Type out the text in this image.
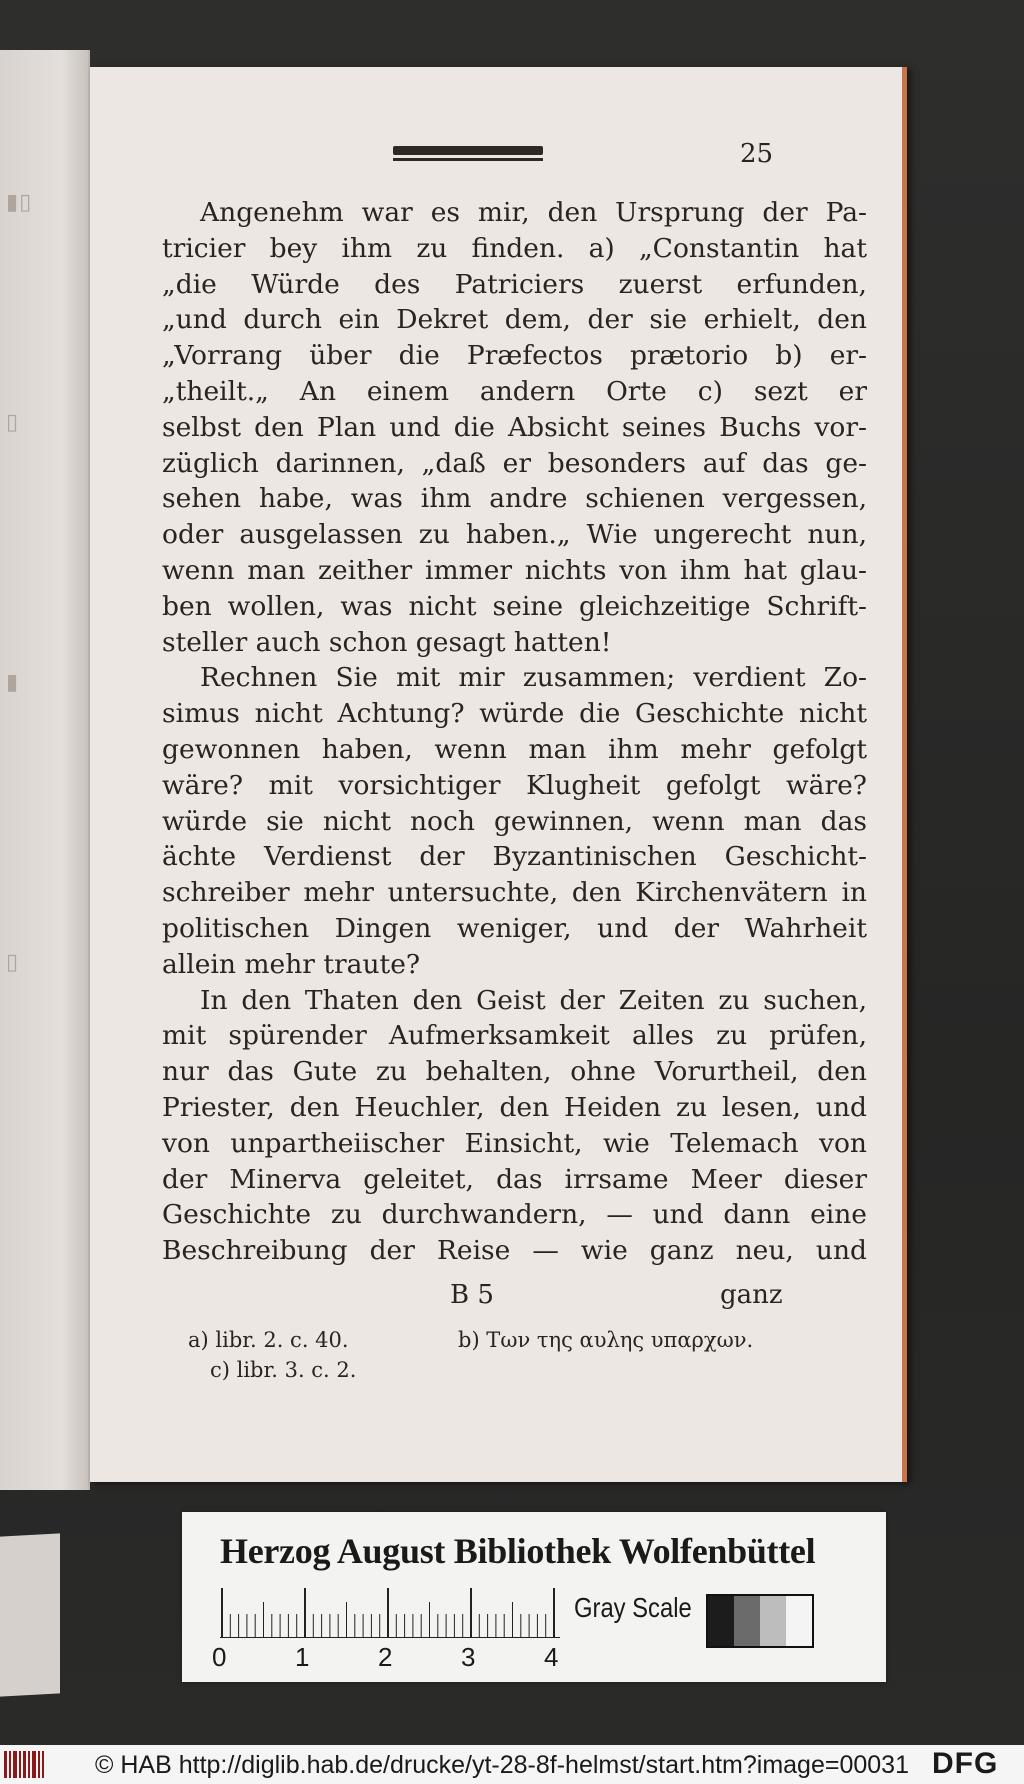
▮▯
▯
▮
▯
25
Angenehm war es mir, den Ursprung der Pa-
tricier bey ihm zu finden. a) „Constantin hat
„die Würde des Patriciers zuerst erfunden,
„und durch ein Dekret dem, der sie erhielt, den
„Vorrang über die Præfectos prætorio b) er-
„theilt.„ An einem andern Orte c) sezt er
selbst den Plan und die Absicht seines Buchs vor-
züglich darinnen, „daß er besonders auf das ge-
sehen habe, was ihm andre schienen vergessen,
oder ausgelassen zu haben.„ Wie ungerecht nun,
wenn man zeither immer nichts von ihm hat glau-
ben wollen, was nicht seine gleichzeitige Schrift-
steller auch schon gesagt hatten!
Rechnen Sie mit mir zusammen; verdient Zo-
simus nicht Achtung? würde die Geschichte nicht
gewonnen haben, wenn man ihm mehr gefolgt
wäre? mit vorsichtiger Klugheit gefolgt wäre?
würde sie nicht noch gewinnen, wenn man das
ächte Verdienst der Byzantinischen Geschicht-
schreiber mehr untersuchte, den Kirchenvätern in
politischen Dingen weniger, und der Wahrheit
allein mehr traute?
In den Thaten den Geist der Zeiten zu suchen,
mit spürender Aufmerksamkeit alles zu prüfen,
nur das Gute zu behalten, ohne Vorurtheil, den
Priester, den Heuchler, den Heiden zu lesen, und
von unpartheiischer Einsicht, wie Telemach von
der Minerva geleitet, das irrsame Meer dieser
Geschichte zu durchwandern, — und dann eine
Beschreibung der Reise — wie ganz neu, und
B 5	ganz
a) libr. 2. c. 40.	b) Των της αυλης υπαρχων.
c) libr. 3. c. 2.
Herzog August Bibliothek Wolfenbüttel
0	1	2	3	4
Gray Scale
© HAB http://diglib.hab.de/drucke/yt-28-8f-helmst/start.htm?image=00031 DFG
